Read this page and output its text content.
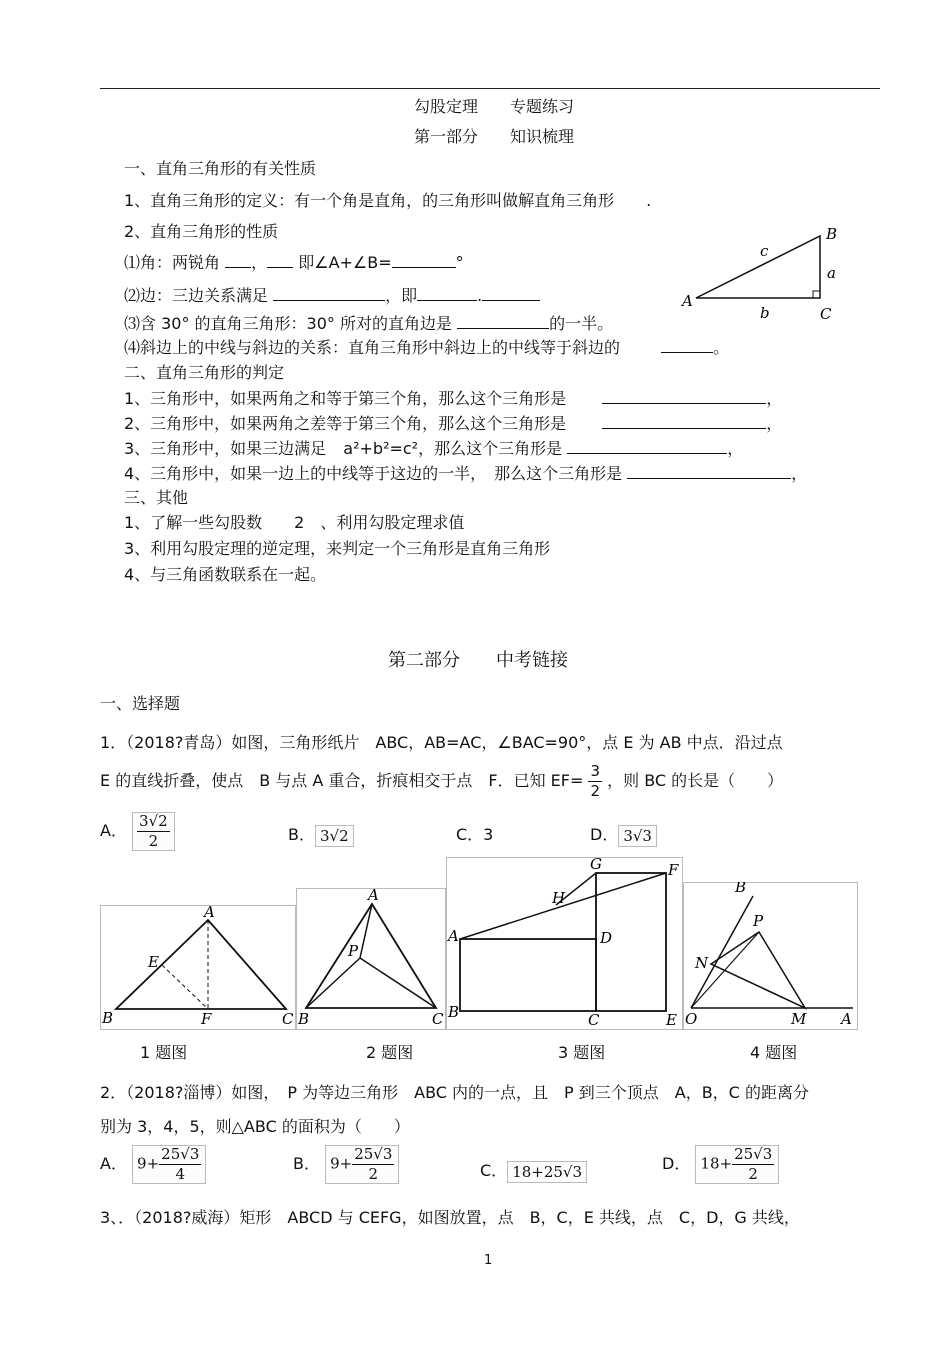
勾股定理　　专题练习
第一部分　　知识梳理
一、直角三角形的有关性质
1、直角三角形的定义：有一个角是直角，的三角形叫做解直角三角形　　.
2、直角三角形的性质
⑴角：两锐角 ， 即∠A+∠B=	°
⑵边：三边关系满足	，即	.
⑶含 30° 的直角三角形：30° 所对的直角边是	的一半。
⑷斜边上的中线与斜边的关系：直角三角形中斜边上的中线等于斜边的	。
A
B
C
a
b
c
二、直角三角形的判定
1、三角形中，如果两角之和等于第三个角，那么这个三角形是	，
2、三角形中，如果两角之差等于第三个角，那么这个三角形是	，
3、三角形中，如果三边满足 a²+b²=c²，那么这个三角形是	，
4、三角形中，如果一边上的中线等于这边的一半，　那么这个三角形是	，
三、其他
1、了解一些勾股数　　2　、利用勾股定理求值
3、利用勾股定理的逆定理，来判定一个三角形是直角三角形
4、与三角函数联系在一起。
第二部分　　中考链接
一、选择题
1．（2018?青岛）如图，三角形纸片　ABC，AB=AC，∠BAC=90°，点 E 为 AB 中点．沿过点
E 的直线折叠，使点　B 与点 A 重合，折痕相交于点　F．已知 $EF= \frac{3}{2}$ ，则 BC 的长是（　　）
A． $\frac{3√2}{2}$	B． 3√2	C．3	D． 3√3
A
B
E
F	C
A
P
B	C
G	F
H
A	D
B	C	E
B
P
N
O	M A
1 题图	2 题图	3 题图	4 题图
2．（2018?淄博）如图，　P 为等边三角形　ABC 内的一点，且　P 到三个顶点　A，B，C 的距离分
别为 3，4，5，则△ABC 的面积为（　　）
A． $9+ \frac{25√3}{4}$	B． $9+ \frac{25√3}{2}$	C． 18+25√3	D． $18+ \frac{25√3}{2}$
3、．（2018?威海）矩形　ABCD 与 CEFG，如图放置，点　B，C，E 共线，点　C，D，G 共线，
1
